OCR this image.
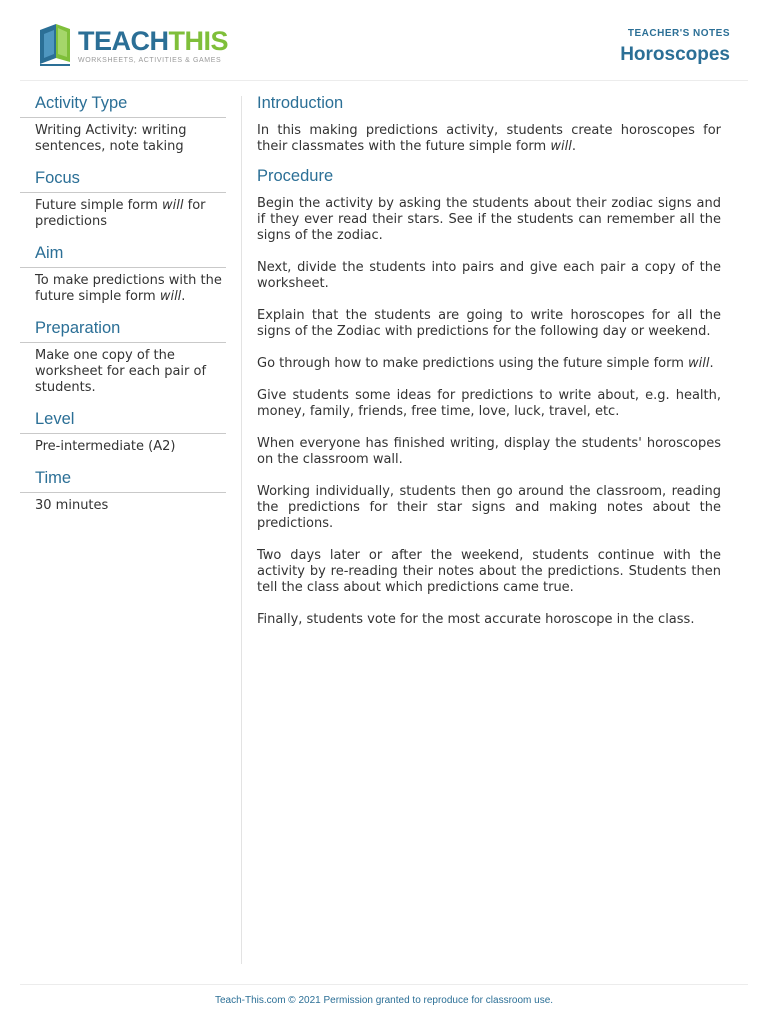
TEACHTHIS
WORKSHEETS, ACTIVITIES & GAMES
TEACHER'S NOTES
Horoscopes
Activity Type
Writing Activity: writing sentences, note taking
Focus
Future simple form will for predictions
Aim
To make predictions with the future simple form will.
Preparation
Make one copy of the worksheet for each pair of students.
Level
Pre-intermediate (A2)
Time
30 minutes
Introduction

In this making predictions activity, students create horoscopes for their classmates with the future simple form will.

Procedure

Begin the activity by asking the students about their zodiac signs and if they ever read their stars. See if the students can remember all the signs of the zodiac.

Next, divide the students into pairs and give each pair a copy of the worksheet.

Explain that the students are going to write horoscopes for all the signs of the Zodiac with predictions for the following day or weekend.

Go through how to make predictions using the future simple form will.

Give students some ideas for predictions to write about, e.g. health, money, family, friends, free time, love, luck, travel, etc.

When everyone has finished writing, display the students' horoscopes on the classroom wall.

Working individually, students then go around the classroom, reading the predictions for their star signs and making notes about the predictions.

Two days later or after the weekend, students continue with the activity by re-reading their notes about the predictions. Students then tell the class about which predictions came true.

Finally, students vote for the most accurate horoscope in the class.

Teach-This.com © 2021 Permission granted to reproduce for classroom use.
